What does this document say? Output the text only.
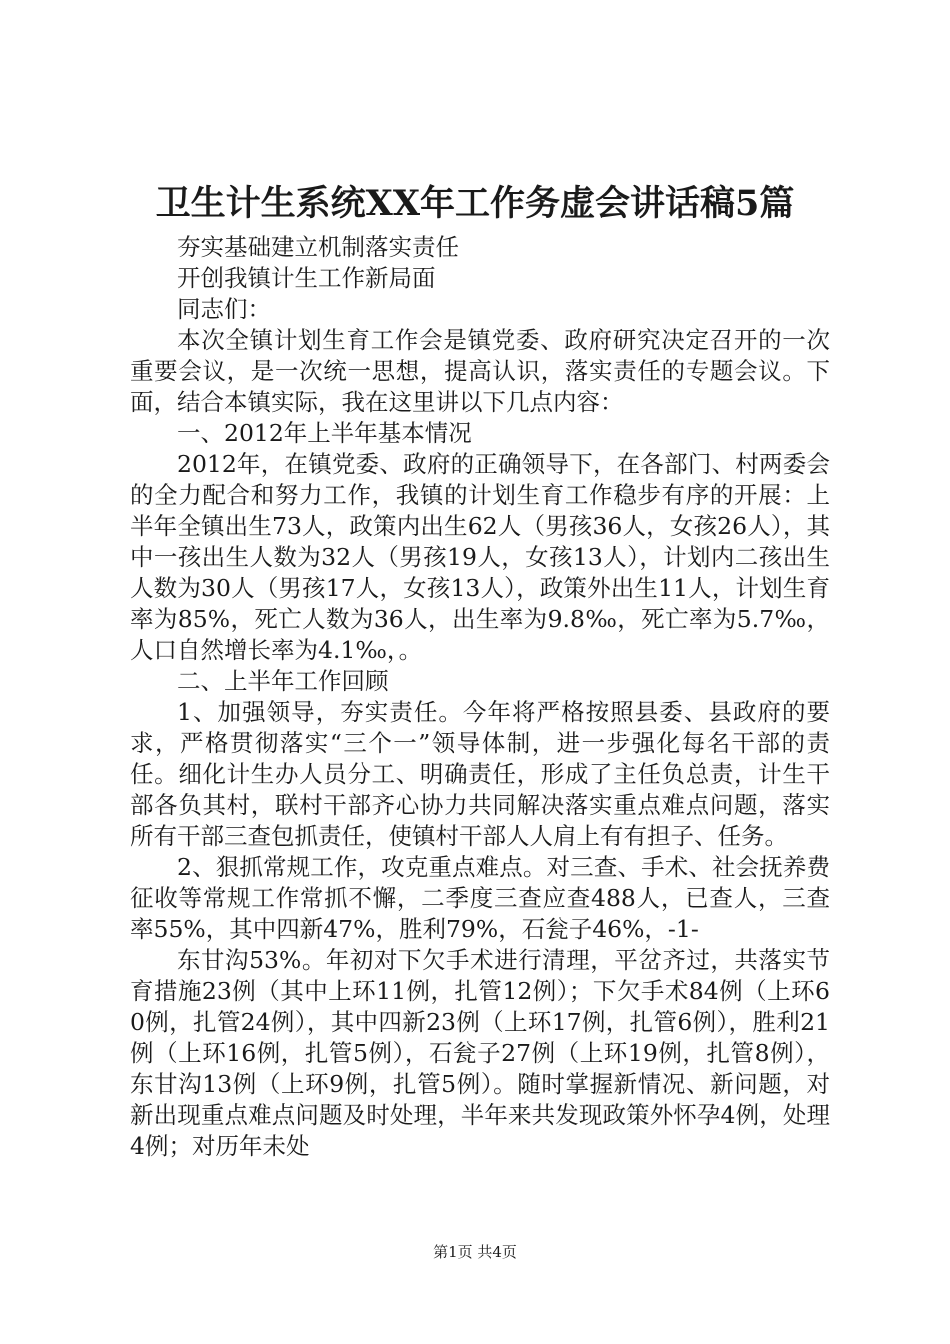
卫生计生系统XX年工作务虚会讲话稿5篇

夯实基础建立机制落实责任

开创我镇计生工作新局面

同志们：

本次全镇计划生育工作会是镇党委、政府研究决定召开的一次重要会议，是一次统一思想，提高认识，落实责任的专题会议。下面，结合本镇实际，我在这里讲以下几点内容：

一、2012年上半年基本情况

2012年，在镇党委、政府的正确领导下，在各部门、村两委会的全力配合和努力工作，我镇的计划生育工作稳步有序的开展：上半年全镇出生73人，政策内出生62人（男孩36人，女孩26人），其中一孩出生人数为32人（男孩19人，女孩13人），计划内二孩出生人数为30人（男孩17人，女孩13人），政策外出生11人，计划生育率为85%，死亡人数为36人，出生率为9.8‰，死亡率为5.7‰，人口自然增长率为4.1‰，。

二、上半年工作回顾

1、加强领导，夯实责任。今年将严格按照县委、县政府的要求，严格贯彻落实“三个一”领导体制，进一步强化每名干部的责任。细化计生办人员分工、明确责任，形成了主任负总责，计生干部各负其村，联村干部齐心协力共同解决落实重点难点问题，落实所有干部三查包抓责任，使镇村干部人人肩上有有担子、任务。

2、狠抓常规工作，攻克重点难点。对三查、手术、社会抚养费征收等常规工作常抓不懈，二季度三查应查488人，已查人，三查率55%，其中四新47%，胜利79%，石瓮子46%，-1-

东甘沟53%。年初对下欠手术进行清理，平岔齐过，共落实节育措施23例（其中上环11例，扎管12例）；下欠手术84例（上环60例，扎管24例），其中四新23例（上环17例，扎管6例），胜利21例（上环16例，扎管5例），石瓮子27例（上环19例，扎管8例），东甘沟13例（上环9例，扎管5例）。随时掌握新情况、新问题，对新出现重点难点问题及时处理，半年来共发现政策外怀孕4例，处理4例；对历年未处

第1页 共4页
